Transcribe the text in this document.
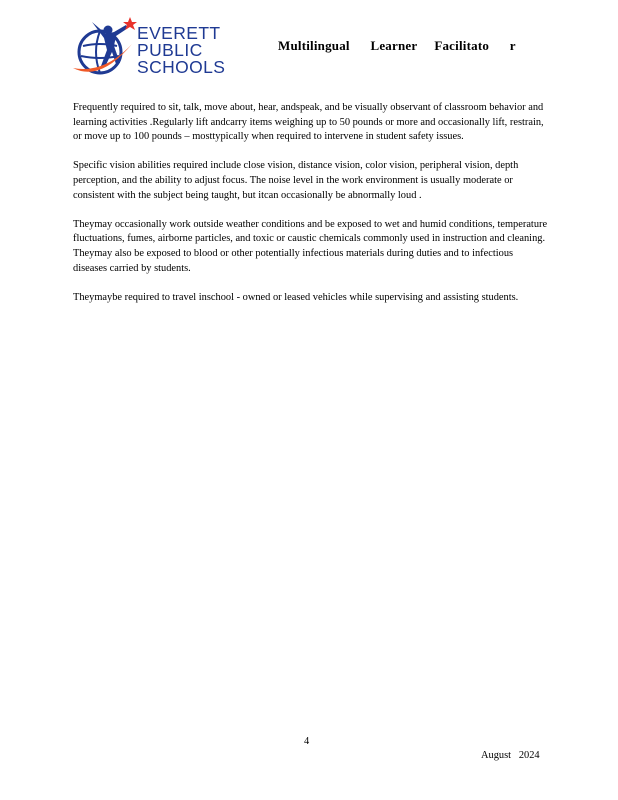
EVERETT
PUBLIC
SCHOOLS
Multilingual      Learner     Facilitato      r

Frequently required to sit, talk, move about, hear, andspeak, and be visually observant of classroom behavior and learning activities .Regularly lift andcarry items weighing up to 50 pounds or more and occasionally lift, restrain, or move up to 100 pounds – mosttypically when required to intervene in student safety issues.

Specific vision abilities required include close vision, distance vision, color vision, peripheral vision, depth perception, and the ability to adjust focus. The noise level in the work environment is usually moderate or consistent with the subject being taught, but itcan occasionally be abnormally loud .

Theymay occasionally work outside weather conditions and be exposed to wet and humid conditions, temperature fluctuations, fumes, airborne particles, and toxic or caustic chemicals commonly used in instruction and cleaning. Theymay also be exposed to blood or other potentially infectious materials during duties and to infectious diseases carried by students.

Theymaybe required to travel inschool - owned or leased vehicles while supervising and assisting students.

4
August   2024
